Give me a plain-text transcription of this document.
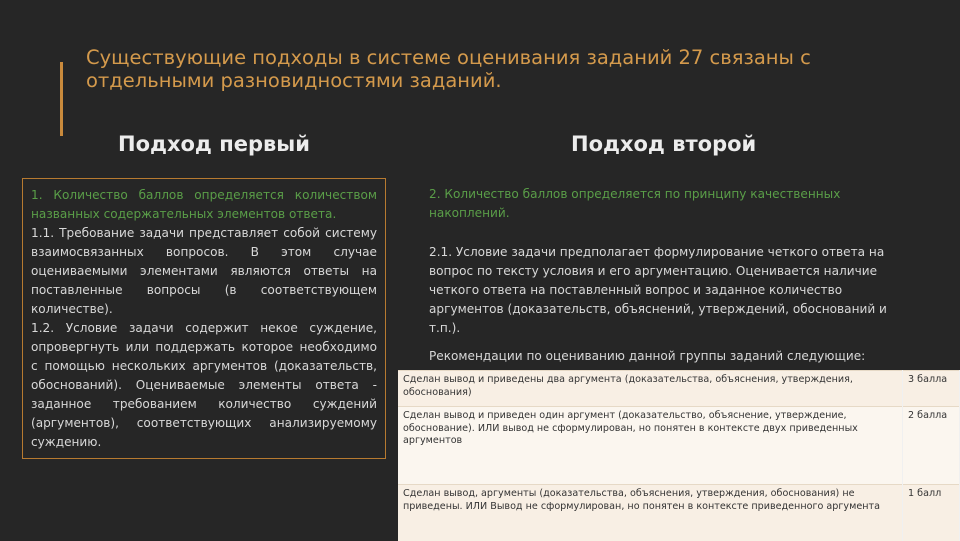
Существующие подходы в системе оценивания заданий 27 связаны с отдельными разновидностями заданий.
Подход первый	Подход второй

1. Количество баллов определяется количеством названных содержательных элементов ответа.

1.1. Требование задачи представляет собой систему взаимосвязанных вопросов. В этом случае оцениваемыми элементами являются ответы на поставленные вопросы (в соответствующем количестве).

1.2. Условие задачи содержит некое суждение, опровергнуть или поддержать которое необходимо с помощью нескольких аргументов (доказательств, обоснований). Оцениваемые элементы ответа - заданное требованием количество суждений (аргументов), соответствующих анализируемому суждению.

2. Количество баллов определяется по принципу качественных накоплений.

2.1. Условие задачи предполагает формулирование четкого ответа на вопрос по тексту условия и его аргументацию. Оценивается наличие четкого ответа на поставленный вопрос и заданное количество аргументов (доказательств, объяснений, утверждений, обоснований и т.п.).

Рекомендации по оцениванию данной группы заданий следующие:

Сделан вывод и приведены два аргумента (доказательства, объяснения, утверждения, обоснования)	3 балла
Сделан вывод и приведен один аргумент (доказательство, объяснение, утверждение, обоснование). ИЛИ вывод не сформулирован, но понятен в контексте двух приведенных аргументов	2 балла
Сделан вывод, аргументы (доказательства, объяснения, утверждения, обоснования) не приведены. ИЛИ Вывод не сформулирован, но понятен в контексте приведенного аргумента	1 балл
